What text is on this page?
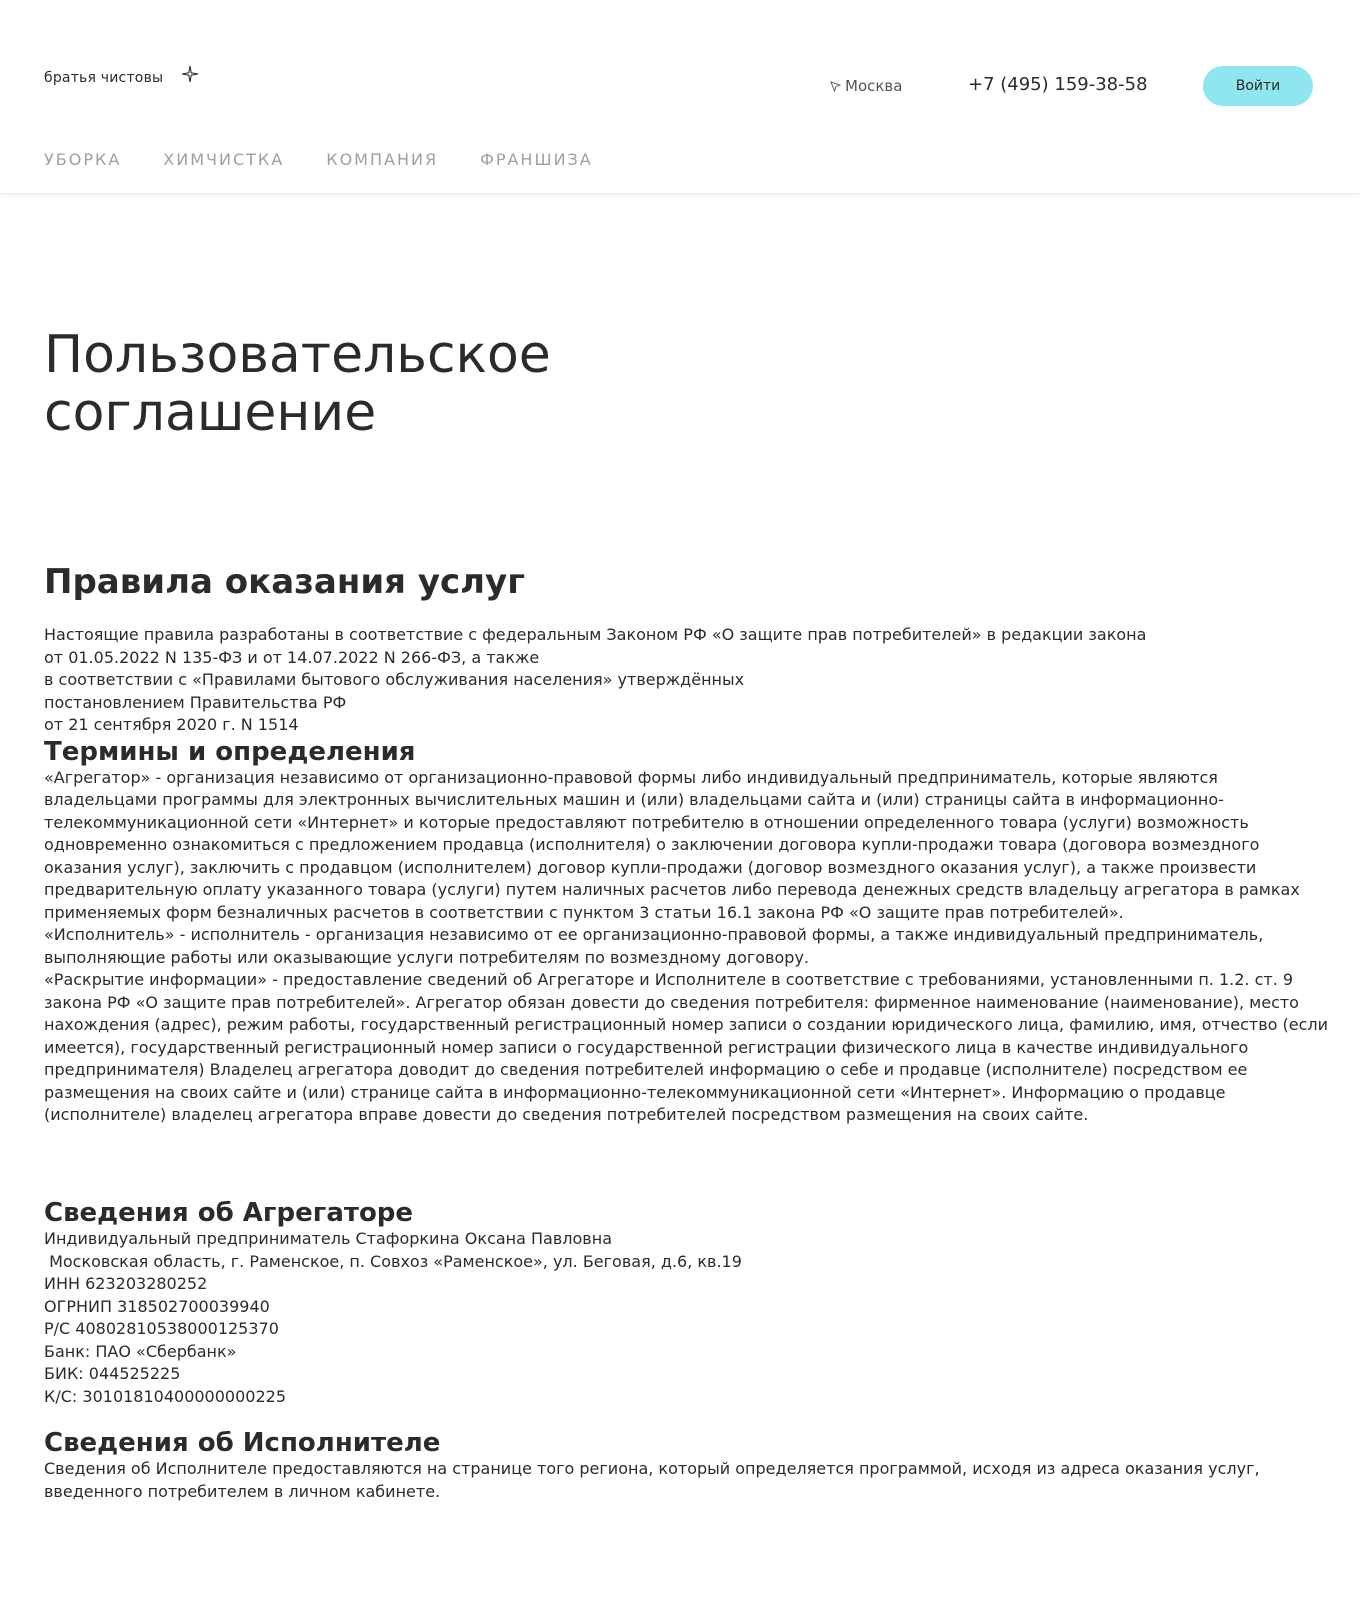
братья чистовы	Москва	+7 (495) 159-38-58	Войти
УБОРКА	ХИМЧИСТКА	КОМПАНИЯ	ФРАНШИЗА
Пользовательское
соглашение
Правила оказания услуг

Настоящие правила разработаны в соответствие с федеральным Законом РФ «О защите прав потребителей» в редакции закона
от 01.05.2022 N 135-ФЗ и от 14.07.2022 N 266-ФЗ, а также
в соответствии с «Правилами бытового обслуживания населения» утверждённых
постановлением Правительства РФ
от 21 сентября 2020 г. N 1514

Термины и определения

«Агрегатор» - организация независимо от организационно-правовой формы либо индивидуальный предприниматель, которые являются владельцами программы для электронных вычислительных машин и (или) владельцами сайта и (или) страницы сайта в информационно-телекоммуникационной сети «Интернет» и которые предоставляют потребителю в отношении определенного товара (услуги) возможность одновременно ознакомиться с предложением продавца (исполнителя) о заключении договора купли-продажи товара (договора возмездного оказания услуг), заключить с продавцом (исполнителем) договор купли-продажи (договор возмездного оказания услуг), а также произвести предварительную оплату указанного товара (услуги) путем наличных расчетов либо перевода денежных средств владельцу агрегатора в рамках применяемых форм безналичных расчетов в соответствии с пунктом 3 статьи 16.1 закона РФ «О защите прав потребителей».
«Исполнитель» - исполнитель - организация независимо от ее организационно-правовой формы, а также индивидуальный предприниматель, выполняющие работы или оказывающие услуги потребителям по возмездному договору.
«Раскрытие информации» - предоставление сведений об Агрегаторе и Исполнителе в соответствие с требованиями, установленными п. 1.2. ст. 9 закона РФ «О защите прав потребителей». Агрегатор обязан довести до сведения потребителя: фирменное наименование (наименование), место нахождения (адрес), режим работы, государственный регистрационный номер записи о создании юридического лица, фамилию, имя, отчество (если имеется), государственный регистрационный номер записи о государственной регистрации физического лица в качестве индивидуального предпринимателя) Владелец агрегатора доводит до сведения потребителей информацию о себе и продавце (исполнителе) посредством ее размещения на своих сайте и (или) странице сайта в информационно-телекоммуникационной сети «Интернет». Информацию о продавце (исполнителе) владелец агрегатора вправе довести до сведения потребителей посредством размещения на своих сайте.

Сведения об Агрегаторе

Индивидуальный предприниматель Стафоркина Оксана Павловна
Московская область, г. Раменское, п. Совхоз «Раменское», ул. Беговая, д.6, кв.19
ИНН 623203280252
ОГРНИП 318502700039940
Р/С 40802810538000125370
Банк: ПАО «Сбербанк»
БИК: 044525225
К/С: 30101810400000000225

Сведения об Исполнителе

Сведения об Исполнителе предоставляются на странице того региона, который определяется программой, исходя из адреса оказания услуг, введенного потребителем в личном кабинете.
